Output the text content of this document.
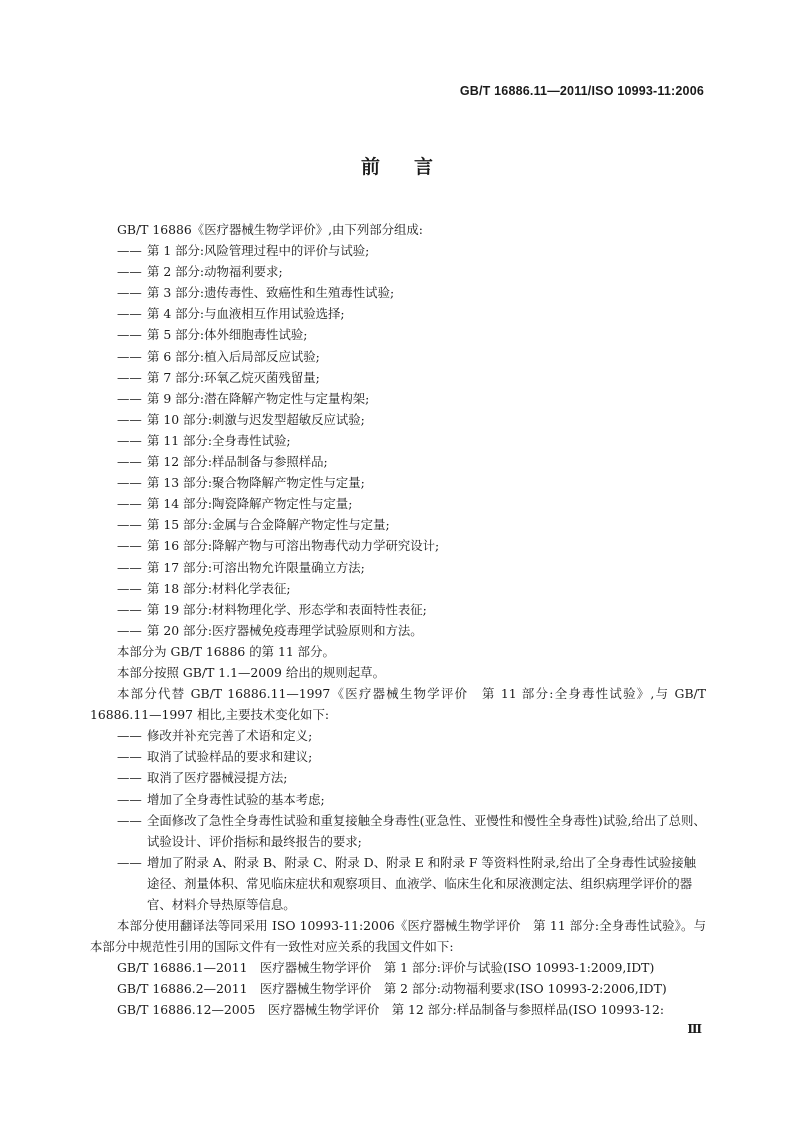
GB/T 16886.11—2011/ISO 10993-11:2006
前言

GB/T 16886《医疗器械生物学评价》,由下列部分组成:

—— 第 1 部分:风险管理过程中的评价与试验;

—— 第 2 部分:动物福利要求;

—— 第 3 部分:遗传毒性、致癌性和生殖毒性试验;

—— 第 4 部分:与血液相互作用试验选择;

—— 第 5 部分:体外细胞毒性试验;

—— 第 6 部分:植入后局部反应试验;

—— 第 7 部分:环氧乙烷灭菌残留量;

—— 第 9 部分:潜在降解产物定性与定量构架;

—— 第 10 部分:刺激与迟发型超敏反应试验;

—— 第 11 部分:全身毒性试验;

—— 第 12 部分:样品制备与参照样品;

—— 第 13 部分:聚合物降解产物定性与定量;

—— 第 14 部分:陶瓷降解产物定性与定量;

—— 第 15 部分:金属与合金降解产物定性与定量;

—— 第 16 部分:降解产物与可溶出物毒代动力学研究设计;

—— 第 17 部分:可溶出物允许限量确立方法;

—— 第 18 部分:材料化学表征;

—— 第 19 部分:材料物理化学、形态学和表面特性表征;

—— 第 20 部分:医疗器械免疫毒理学试验原则和方法。

本部分为 GB/T 16886 的第 11 部分。

本部分按照 GB/T 1.1—2009 给出的规则起草。

本部分代替 GB/T 16886.11—1997《医疗器械生物学评价　第 11 部分:全身毒性试验》,与 GB/T 16886.11—1997 相比,主要技术变化如下:

—— 修改并补充完善了术语和定义;

—— 取消了试验样品的要求和建议;

—— 取消了医疗器械浸提方法;

—— 增加了全身毒性试验的基本考虑;

—— 全面修改了急性全身毒性试验和重复接触全身毒性(亚急性、亚慢性和慢性全身毒性)试验,给出了总则、试验设计、评价指标和最终报告的要求;

—— 增加了附录 A、附录 B、附录 C、附录 D、附录 E 和附录 F 等资料性附录,给出了全身毒性试验接触途径、剂量体积、常见临床症状和观察项目、血液学、临床生化和尿液测定法、组织病理学评价的器官、材料介导热原等信息。

本部分使用翻译法等同采用 ISO 10993-11:2006《医疗器械生物学评价　第 11 部分:全身毒性试验》。与本部分中规范性引用的国际文件有一致性对应关系的我国文件如下:

GB/T 16886.1—2011　医疗器械生物学评价　第 1 部分:评价与试验(ISO 10993-1:2009,IDT)

GB/T 16886.2—2011　医疗器械生物学评价　第 2 部分:动物福利要求(ISO 10993-2:2006,IDT)

GB/T 16886.12—2005　医疗器械生物学评价　第 12 部分:样品制备与参照样品(ISO 10993-12:

Ⅲ
